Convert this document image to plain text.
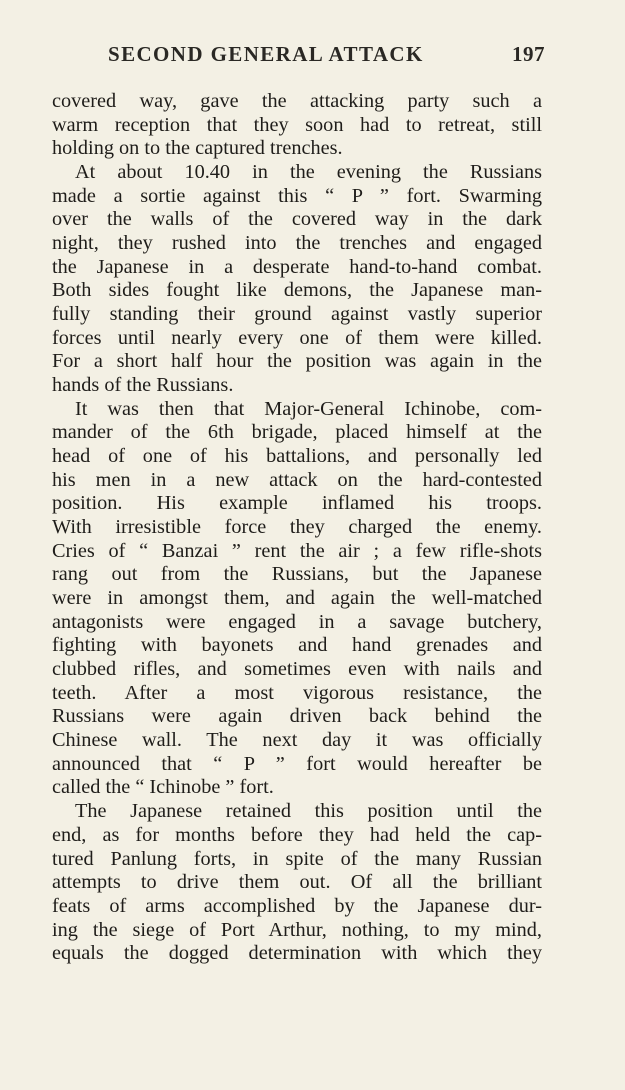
SECOND GENERAL ATTACK	197
covered way, gave the attacking party such a
warm reception that they soon had to retreat, still
holding on to the captured trenches.
At about 10.40 in the evening the Russians
made a sortie against this “ P ” fort. Swarming
over the walls of the covered way in the dark
night, they rushed into the trenches and engaged
the Japanese in a desperate hand-to-hand combat.
Both sides fought like demons, the Japanese man-
fully standing their ground against vastly superior
forces until nearly every one of them were killed.
For a short half hour the position was again in the
hands of the Russians.
It was then that Major-General Ichinobe, com-
mander of the 6th brigade, placed himself at the
head of one of his battalions, and personally led
his men in a new attack on the hard-contested
position. His example inflamed his troops.
With irresistible force they charged the enemy.
Cries of “ Banzai ” rent the air ; a few rifle-shots
rang out from the Russians, but the Japanese
were in amongst them, and again the well-matched
antagonists were engaged in a savage butchery,
fighting with bayonets and hand grenades and
clubbed rifles, and sometimes even with nails and
teeth. After a most vigorous resistance, the
Russians were again driven back behind the
Chinese wall. The next day it was officially
announced that “ P ” fort would hereafter be
called the “ Ichinobe ” fort.
The Japanese retained this position until the
end, as for months before they had held the cap-
tured Panlung forts, in spite of the many Russian
attempts to drive them out. Of all the brilliant
feats of arms accomplished by the Japanese dur-
ing the siege of Port Arthur, nothing, to my mind,
equals the dogged determination with which they
